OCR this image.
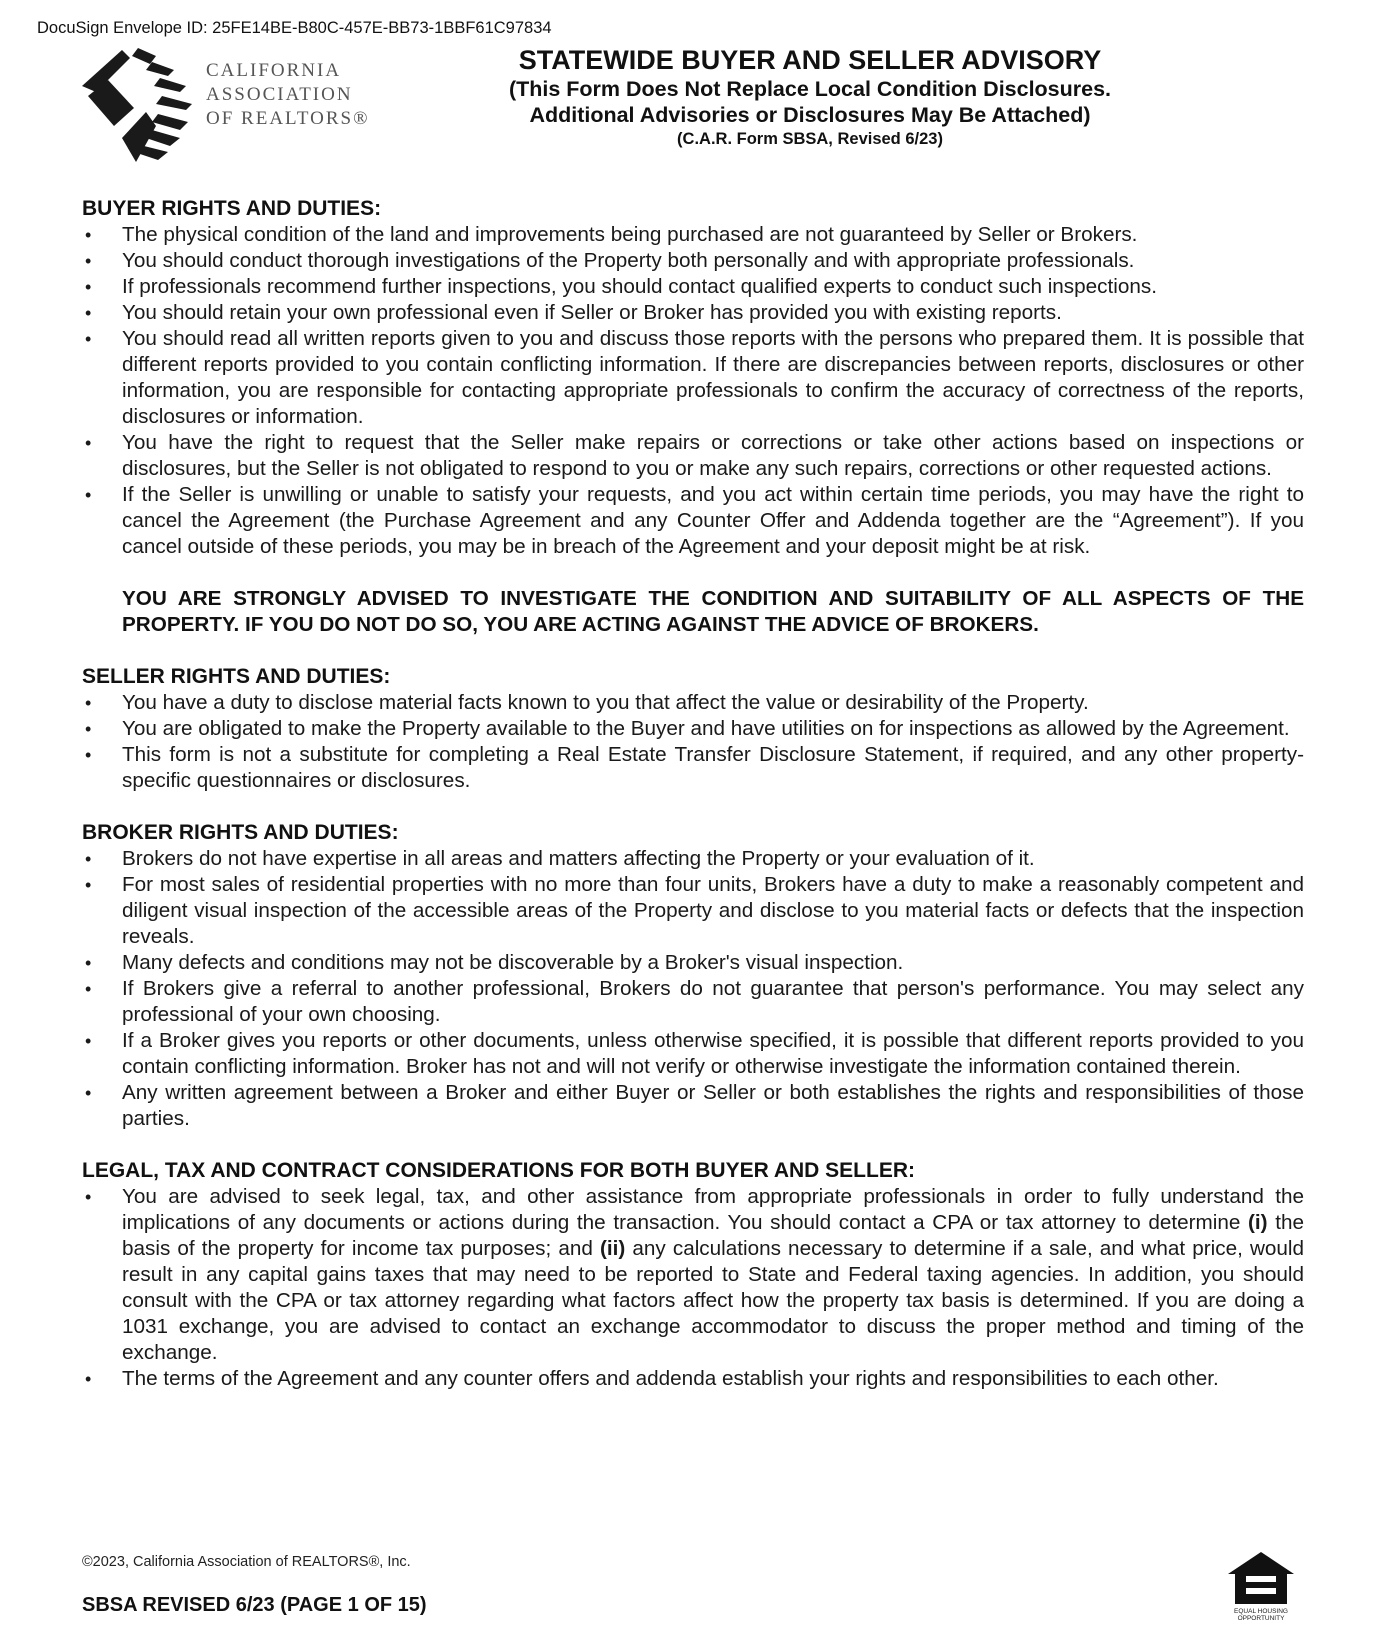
DocuSign Envelope ID: 25FE14BE-B80C-457E-BB73-1BBF61C97834
CALIFORNIA
ASSOCIATION
OF REALTORS®
STATEWIDE BUYER AND SELLER ADVISORY
(This Form Does Not Replace Local Condition Disclosures.
Additional Advisories or Disclosures May Be Attached)
(C.A.R. Form SBSA, Revised 6/23)
BUYER RIGHTS AND DUTIES:
• The physical condition of the land and improvements being purchased are not guaranteed by Seller or Brokers.
• You should conduct thorough investigations of the Property both personally and with appropriate professionals.
• If professionals recommend further inspections, you should contact qualified experts to conduct such inspections.
• You should retain your own professional even if Seller or Broker has provided you with existing reports.
• You should read all written reports given to you and discuss those reports with the persons who prepared them. It is possible that different reports provided to you contain conflicting information. If there are discrepancies between reports, disclosures or other information, you are responsible for contacting appropriate professionals to confirm the accuracy of correctness of the reports, disclosures or information.
• You have the right to request that the Seller make repairs or corrections or take other actions based on inspections or disclosures, but the Seller is not obligated to respond to you or make any such repairs, corrections or other requested actions.
• If the Seller is unwilling or unable to satisfy your requests, and you act within certain time periods, you may have the right to cancel the Agreement (the Purchase Agreement and any Counter Offer and Addenda together are the “Agreement”). If you cancel outside of these periods, you may be in breach of the Agreement and your deposit might be at risk.
YOU ARE STRONGLY ADVISED TO INVESTIGATE THE CONDITION AND SUITABILITY OF ALL ASPECTS OF THE PROPERTY. IF YOU DO NOT DO SO, YOU ARE ACTING AGAINST THE ADVICE OF BROKERS.
SELLER RIGHTS AND DUTIES:
• You have a duty to disclose material facts known to you that affect the value or desirability of the Property.
• You are obligated to make the Property available to the Buyer and have utilities on for inspections as allowed by the Agreement.
• This form is not a substitute for completing a Real Estate Transfer Disclosure Statement, if required, and any other property-specific questionnaires or disclosures.
BROKER RIGHTS AND DUTIES:
• Brokers do not have expertise in all areas and matters affecting the Property or your evaluation of it.
• For most sales of residential properties with no more than four units, Brokers have a duty to make a reasonably competent and diligent visual inspection of the accessible areas of the Property and disclose to you material facts or defects that the inspection reveals.
• Many defects and conditions may not be discoverable by a Broker's visual inspection.
• If Brokers give a referral to another professional, Brokers do not guarantee that person's performance. You may select any professional of your own choosing.
• If a Broker gives you reports or other documents, unless otherwise specified, it is possible that different reports provided to you contain conflicting information. Broker has not and will not verify or otherwise investigate the information contained therein.
• Any written agreement between a Broker and either Buyer or Seller or both establishes the rights and responsibilities of those parties.
LEGAL, TAX AND CONTRACT CONSIDERATIONS FOR BOTH BUYER AND SELLER:
• You are advised to seek legal, tax, and other assistance from appropriate professionals in order to fully understand the implications of any documents or actions during the transaction. You should contact a CPA or tax attorney to determine (i) the basis of the property for income tax purposes; and (ii) any calculations necessary to determine if a sale, and what price, would result in any capital gains taxes that may need to be reported to State and Federal taxing agencies. In addition, you should consult with the CPA or tax attorney regarding what factors affect how the property tax basis is determined. If you are doing a 1031 exchange, you are advised to contact an exchange accommodator to discuss the proper method and timing of the exchange.
• The terms of the Agreement and any counter offers and addenda establish your rights and responsibilities to each other.
©2023, California Association of REALTORS®, Inc.
SBSA REVISED 6/23 (PAGE 1 OF 15)	EQUAL HOUSING
OPPORTUNITY
